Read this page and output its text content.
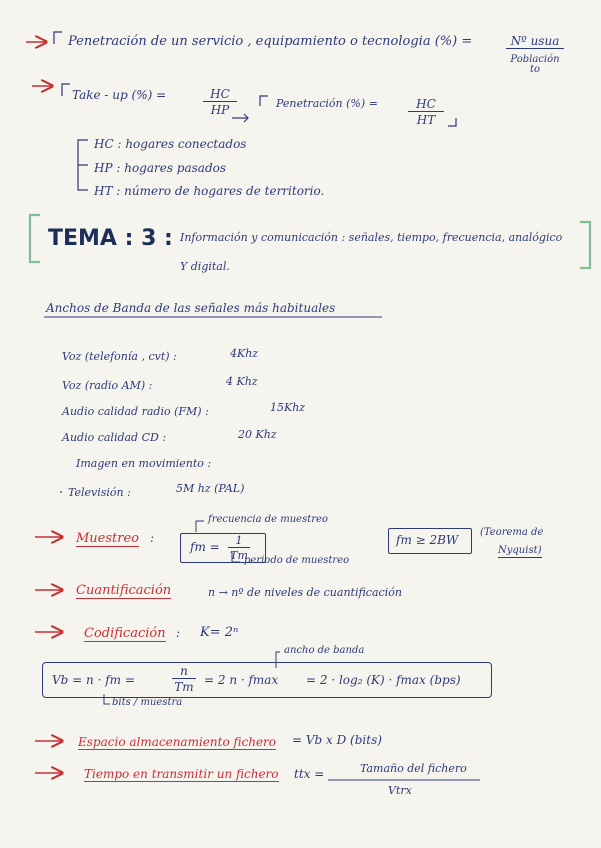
Penetración de un servicio , equipamiento o tecnologia (%) =	Nº usua
Población to
Take - up (%) =	$\frac{HC}{HP}$	Penetración (%) =	$\frac{HC}{HT}$
HC : hogares conectados
HP : hogares pasados
HT : número de hogares de territorio.
TEMA : 3 : Información y comunicación : señales, tiempo, frecuencia, analógico
Y digital.
Anchos de Banda de las señales más habituales
Voz (telefonía , cvt) :	4Khz
Voz (radio AM) :	4 Khz
Audio calidad radio (FM) :	15Khz
Audio calidad CD :	20 Khz
Imagen en movimiento :
Televisión :	5M hz (PAL)
Muestreo :
frecuencia de muestreo
fm = $\frac{1}{Tm}$
periodo de muestreo
fm ≥ 2BW
(Teorema de
Nyquist)
Cuantificación	n → nº de niveles de cuantificación
Codificación : K= 2ⁿ
ancho de banda
Vb = n · fm =	$\frac{n}{Tm} = 2$ n · fmax = 2 · log₂ (K) · fmax (bps)
bits / muestra
Espacio almacenamiento fichero = Vb x D (bits)
Tiempo en transmitir un fichero ttx =	Tamaño del fichero
Vtrx
